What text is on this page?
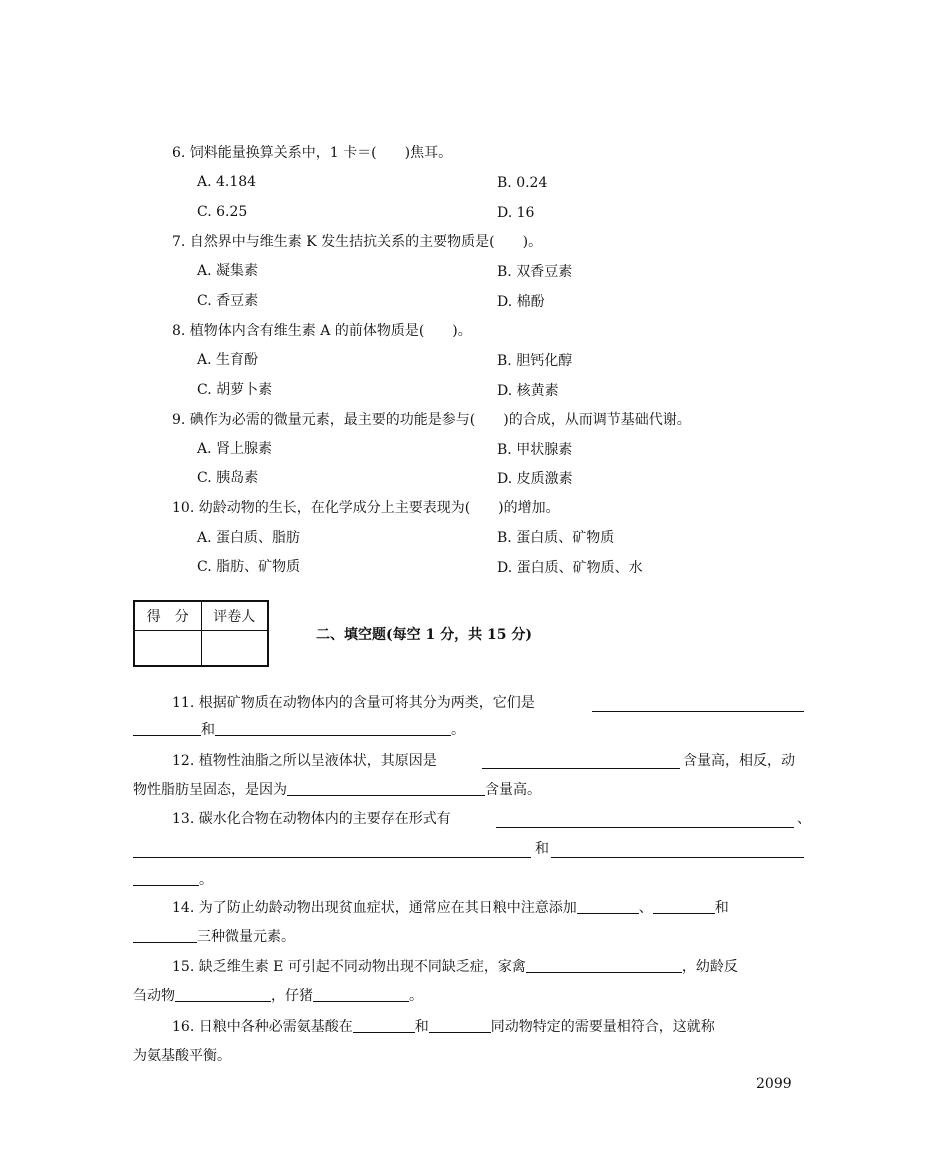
6. 饲料能量换算关系中，1 卡＝(　　)焦耳。
A. 4.184	B. 0.24
C. 6.25	D. 16
7. 自然界中与维生素 K 发生拮抗关系的主要物质是(　　)。
A. 凝集素	B. 双香豆素
C. 香豆素	D. 棉酚
8. 植物体内含有维生素 A 的前体物质是(　　)。
A. 生育酚	B. 胆钙化醇
C. 胡萝卜素	D. 核黄素
9. 碘作为必需的微量元素，最主要的功能是参与(　　)的合成，从而调节基础代谢。
A. 肾上腺素	B. 甲状腺素
C. 胰岛素	D. 皮质激素
10. 幼龄动物的生长，在化学成分上主要表现为(　　)的增加。
A. 蛋白质、脂肪	B. 蛋白质、矿物质
C. 脂肪、矿物质	D. 蛋白质、矿物质、水
得　分	评卷人

二、填空题(每空 1 分，共 15 分)
11. 根据矿物质在动物体内的含量可将其分为两类，它们是
和	。
12. 植物性油脂之所以呈液体状，其原因是	含量高，相反，动
物性脂肪呈固态，是因为	含量高。
13. 碳水化合物在动物体内的主要存在形式有	、
和
。
14. 为了防止幼龄动物出现贫血症状，通常应在其日粮中注意添加	、	和
三种微量元素。
15. 缺乏维生素 E 可引起不同动物出现不同缺乏症，家禽	，幼龄反
刍动物	，仔猪	。
16. 日粮中各种必需氨基酸在	和	同动物特定的需要量相符合，这就称
为氨基酸平衡。
2099
